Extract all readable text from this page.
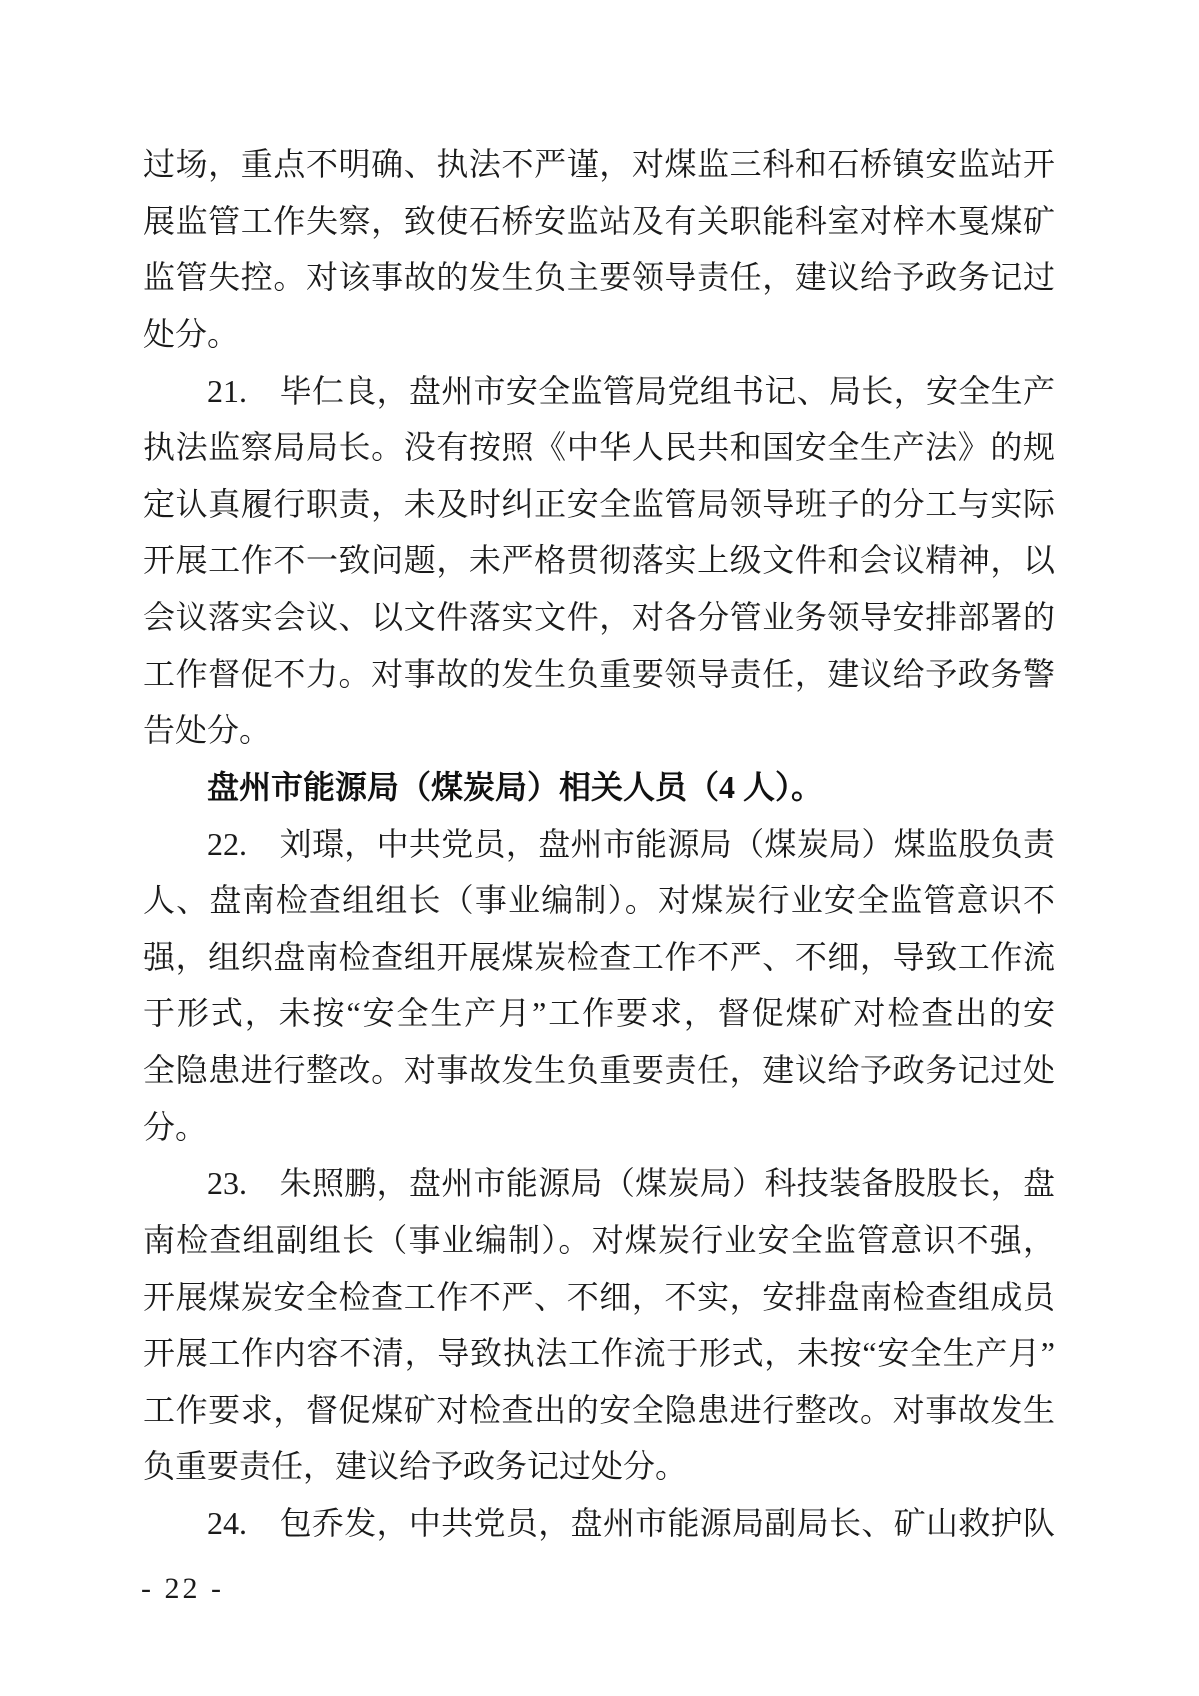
过场，重点不明确、执法不严谨，对煤监三科和石桥镇安监站开
展监管工作失察，致使石桥安监站及有关职能科室对梓木戛煤矿
监管失控。对该事故的发生负主要领导责任，建议给予政务记过
处分。
21.　毕仁良，盘州市安全监管局党组书记、局长，安全生产
执法监察局局长。没有按照《中华人民共和国安全生产法》的规
定认真履行职责，未及时纠正安全监管局领导班子的分工与实际
开展工作不一致问题，未严格贯彻落实上级文件和会议精神，以
会议落实会议、以文件落实文件，对各分管业务领导安排部署的
工作督促不力。对事故的发生负重要领导责任，建议给予政务警
告处分。
盘州市能源局（煤炭局）相关人员（4 人）。
22.　刘璟，中共党员，盘州市能源局（煤炭局）煤监股负责
人、盘南检查组组长（事业编制）。对煤炭行业安全监管意识不
强，组织盘南检查组开展煤炭检查工作不严、不细，导致工作流
于形式，未按“安全生产月”工作要求，督促煤矿对检查出的安
全隐患进行整改。对事故发生负重要责任，建议给予政务记过处
分。
23.　朱照鹏，盘州市能源局（煤炭局）科技装备股股长，盘
南检查组副组长（事业编制）。对煤炭行业安全监管意识不强，
开展煤炭安全检查工作不严、不细，不实，安排盘南检查组成员
开展工作内容不清，导致执法工作流于形式，未按“安全生产月”
工作要求，督促煤矿对检查出的安全隐患进行整改。对事故发生
负重要责任，建议给予政务记过处分。
24.　包乔发，中共党员，盘州市能源局副局长、矿山救护队
- 22 -
